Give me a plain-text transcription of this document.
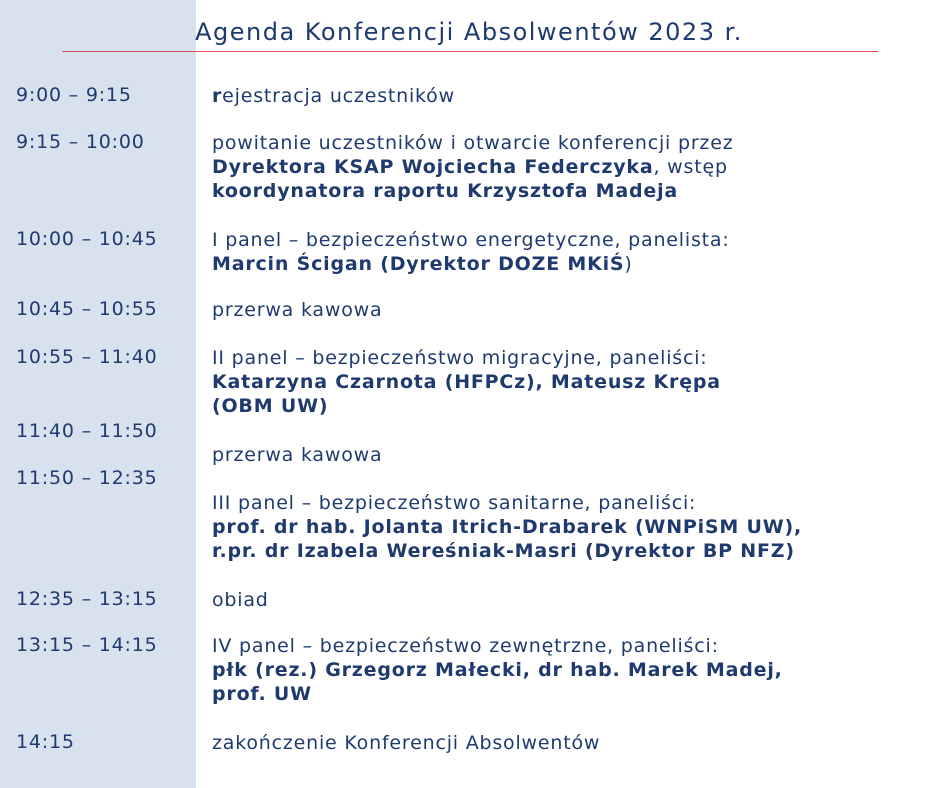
Agenda Konferencji Absolwentów 2023 r.
9:00 – 9:15
9:15 – 10:00
10:00 – 10:45
10:45 – 10:55
10:55 – 11:40
11:40 – 11:50
11:50 – 12:35
12:35 – 13:15
13:15 – 14:15
14:15
rejestracja uczestników
powitanie uczestników i otwarcie konferencji przez
Dyrektora KSAP Wojciecha Federczyka, wstęp
koordynatora raportu Krzysztofa Madeja
I panel – bezpieczeństwo energetyczne, panelista:
Marcin Ścigan (Dyrektor DOZE MKiŚ)
przerwa kawowa
II panel – bezpieczeństwo migracyjne, paneliści:
Katarzyna Czarnota (HFPCz), Mateusz Krępa
(OBM UW)
przerwa kawowa
III panel – bezpieczeństwo sanitarne, paneliści:
prof. dr hab. Jolanta Itrich-Drabarek (WNPiSM UW),
r.pr. dr Izabela Wereśniak-Masri (Dyrektor BP NFZ)
obiad
IV panel – bezpieczeństwo zewnętrzne, paneliści:
płk (rez.) Grzegorz Małecki, dr hab. Marek Madej,
prof. UW
zakończenie Konferencji Absolwentów
